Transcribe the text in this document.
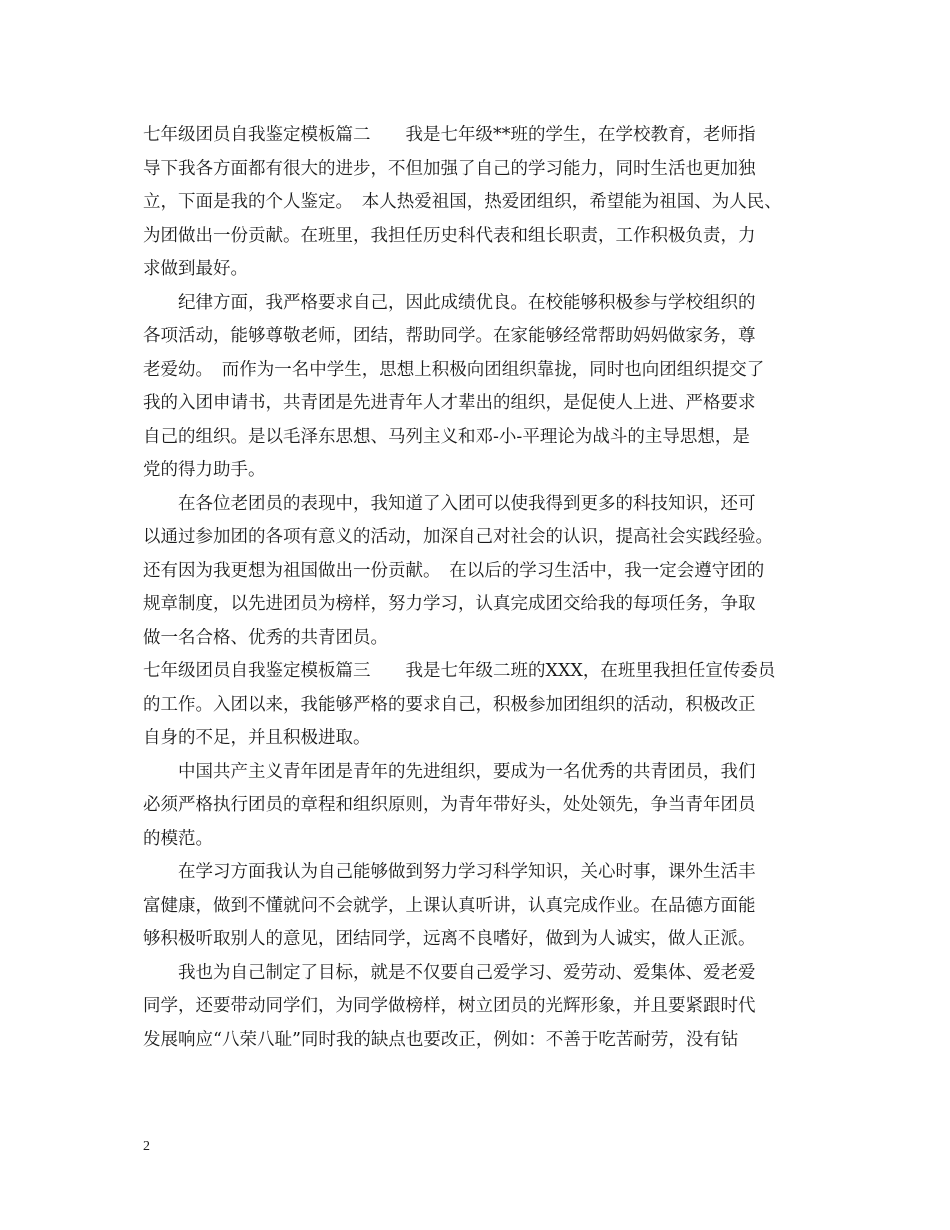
七年级团员自我鉴定模板篇二　　我是七年级**班的学生，在学校教育，老师指
导下我各方面都有很大的进步，不但加强了自己的学习能力，同时生活也更加独
立，下面是我的个人鉴定。　本人热爱祖国，热爱团组织，希望能为祖国、为人民、
为团做出一份贡献。在班里，我担任历史科代表和组长职责，工作积极负责，力
求做到最好。
　　纪律方面，我严格要求自己，因此成绩优良。在校能够积极参与学校组织的
各项活动，能够尊敬老师，团结，帮助同学。在家能够经常帮助妈妈做家务，尊
老爱幼。　而作为一名中学生，思想上积极向团组织靠拢，同时也向团组织提交了
我的入团申请书，共青团是先进青年人才辈出的组织，是促使人上进、严格要求
自己的组织。是以毛泽东思想、马列主义和邓-小-平理论为战斗的主导思想，是
党的得力助手。
　　在各位老团员的表现中，我知道了入团可以使我得到更多的科技知识，还可
以通过参加团的各项有意义的活动，加深自己对社会的认识，提高社会实践经验。
还有因为我更想为祖国做出一份贡献。　在以后的学习生活中，我一定会遵守团的
规章制度，以先进团员为榜样，努力学习，认真完成团交给我的每项任务，争取
做一名合格、优秀的共青团员。
七年级团员自我鉴定模板篇三　　我是七年级二班的XXX，在班里我担任宣传委员
的工作。入团以来，我能够严格的要求自己，积极参加团组织的活动，积极改正
自身的不足，并且积极进取。
　　中国共产主义青年团是青年的先进组织，要成为一名优秀的共青团员，我们
必须严格执行团员的章程和组织原则，为青年带好头，处处领先，争当青年团员
的模范。
　　在学习方面我认为自己能够做到努力学习科学知识，关心时事，课外生活丰
富健康，做到不懂就问不会就学，上课认真听讲，认真完成作业。在品德方面能
够积极听取别人的意见，团结同学，远离不良嗜好，做到为人诚实，做人正派。
　　我也为自己制定了目标，就是不仅要自己爱学习、爱劳动、爱集体、爱老爱
同学，还要带动同学们，为同学做榜样，树立团员的光辉形象，并且要紧跟时代
发展响应“八荣八耻”同时我的缺点也要改正，例如：不善于吃苦耐劳，没有钻
2
